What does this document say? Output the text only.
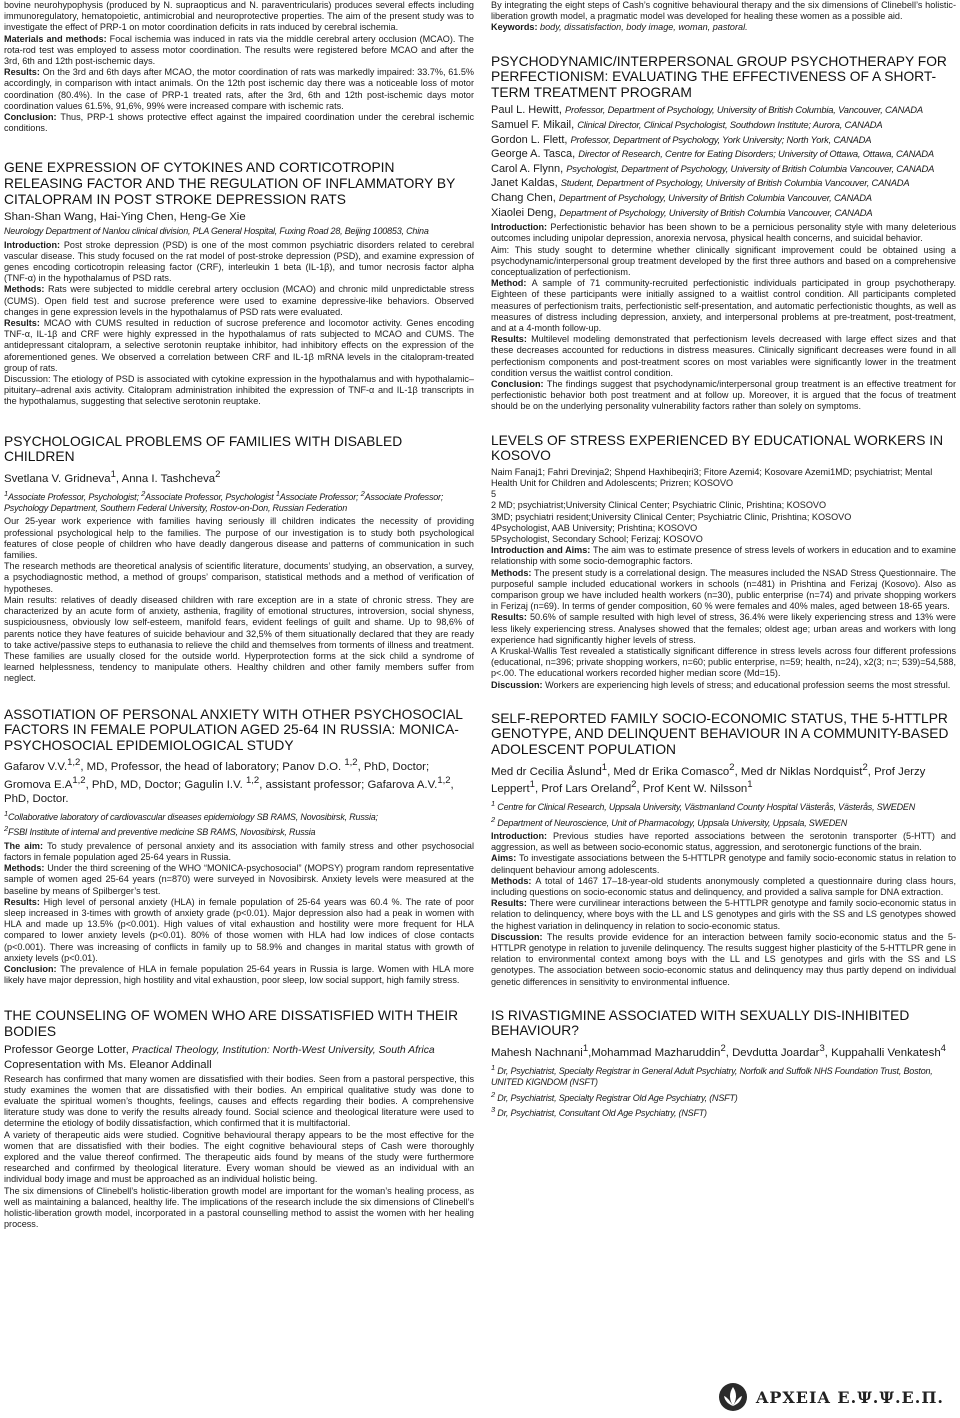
bovine neurohypophysis (produced by N. supraopticus and N. paraventricularis) produces several effects including immunoregulatory, hematopoietic, antimicrobial and neuroprotective properties. The aim of the present study was to investigate the effect of PRP-1 on motor coordination deficits in rats induced by cerebral ischemia.

Materials and methods: Focal ischemia was induced in rats via the middle cerebral artery occlusion (MCAO). The rota-rod test was employed to assess motor coordination. The results were registered before MCAO and after the 3rd, 6th and 12th post-ischemic days.

Results: On the 3rd and 6th days after MCAO, the motor coordination of rats was markedly impaired: 33.7%, 61.5% accordingly, in comparison with intact animals. On the 12th post ischemic day there was a noticeable loss of motor coordination (80.4%). In the case of PRP-1 treated rats, after the 3rd, 6th and 12th post-ischemic days motor coordination values 61.5%, 91,6%, 99% were increased compare with ischemic rats.

Conclusion: Thus, PRP-1 shows protective effect against the impaired coordination under the cerebral ischemic conditions.

GENE EXPRESSION OF CYTOKINES AND CORTICOTROPIN RELEASING FACTOR AND THE REGULATION OF INFLAMMATORY BY CITALOPRAM IN POST STROKE DEPRESSION RATS

Shan-Shan Wang, Hai-Ying Chen, Heng-Ge Xie

Neurology Department of Nanlou clinical division, PLA General Hospital, Fuxing Road 28, Beijing 100853, China

Introduction: Post stroke depression (PSD) is one of the most common psychiatric disorders related to cerebral vascular disease. This study focused on the rat model of post-stroke depression (PSD), and examine expression of genes encoding corticotropin releasing factor (CRF), interleukin 1 beta (IL-1β), and tumor necrosis factor alpha (TNF-α) in the hypothalamus of PSD rats.

Methods: Rats were subjected to middle cerebral artery occlusion (MCAO) and chronic mild unpredictable stress (CUMS). Open field test and sucrose preference were used to examine depressive-like behaviors. Observed changes in gene expression levels in the hypothalamus of PSD rats were evaluated.

Results: MCAO with CUMS resulted in reduction of sucrose preference and locomotor activity. Genes encoding TNF-α, IL-1β and CRF were highly expressed in the hypothalamus of rats subjected to MCAO and CUMS. The antidepressant citalopram, a selective serotonin reuptake inhibitor, had inhibitory effects on the expression of the aforementioned genes. We observed a correlation between CRF and IL-1β mRNA levels in the citalopram-treated group of rats.

Discussion: The etiology of PSD is associated with cytokine expression in the hypothalamus and with hypothalamic–pituitary–adrenal axis activity. Citalopram administration inhibited the expression of TNF-α and IL-1β transcripts in the hypothalamus, suggesting that selective serotonin reuptake.

PSYCHOLOGICAL PROBLEMS OF FAMILIES WITH DISABLED CHILDREN

Svetlana V. Gridneva$^1$, Anna I. Tashcheva$^2$

$^1$Associate Professor, Psychologist; $^2$Associate Professor, Psychologist $^1$Associate Professor; $^2$Associate Professor; Psychology Department, Southern Federal University, Rostov-on-Don, Russian Federation

Our 25-year work experience with families having seriously ill children indicates the necessity of providing professional psychological help to the families. The purpose of our investigation is to study both psychological features of close people of children who have deadly dangerous disease and patterns of communication in such families.

The research methods are theoretical analysis of scientific literature, documents’ studying, an observation, a survey, a psychodiagnostic method, a method of groups’ comparison, statistical methods and a method of verification of hypotheses.

Main results: relatives of deadly diseased children with rare exception are in a state of chronic stress. They are characterized by an acute form of anxiety, asthenia, fragility of emotional structures, introversion, social shyness, suspiciousness, obviously low self-esteem, manifold fears, evident feelings of guilt and shame. Up to 98,6% of parents notice they have features of suicide behaviour and 32,5% of them situationally declared that they are ready to take active/passive steps to euthanasia to relieve the child and themselves from torments of illness and treatment. These families are usually closed for the outside world. Hyperprotection forms at the sick child a syndrome of learned helplessness, tendency to manipulate others. Healthy children and other family members suffer from neglect.

ASSOTIATION OF PERSONAL ANXIETY WITH OTHER PSYCHOSOCIAL FACTORS IN FEMALE POPULATION AGED 25-64 IN RUSSIA: MONICA-PSYCHOSOCIAL EPIDEMIOLOGICAL STUDY

Gafarov V.V.$^{1,2}$, MD, Professor, the head of laboratory; Panov D.O. $^{1,2}$, PhD, Doctor; Gromova $E.A^{1,2}$, PhD, MD, Doctor; Gagulin I.V. $^{1,2}$, assistant professor; Gafarova A.V.$^{1,2}$, PhD, Doctor.

$^1$Collaborative laboratory of cardiovascular diseases epidemiology SB RAMS, Novosibirsk, Russia;
$^2$FSBI Institute of internal and preventive medicine SB RAMS, Novosibirsk, Russia

The aim: To study prevalence of personal anxiety and its association with family stress and other psychosocial factors in female population aged 25-64 years in Russia.

Methods: Under the third screening of the WHO “MONICA-psychosocial” (MOPSY) program random representative sample of women aged 25-64 years (n=870) were surveyed in Novosibirsk. Anxiety levels were measured at the baseline by means of Spilberger’s test.

Results: High level of personal anxiety (HLA) in female population of 25-64 years was 60.4 %. The rate of poor sleep increased in 3-times with growth of anxiety grade (p<0.01). Major depression also had a peak in women with HLA and made up 13.5% (p<0.001). High values of vital exhaustion and hostility were more frequent for HLA compared to lower anxiety levels (p<0.01). 80% of those women with HLA had low indices of close contacts (p<0.001). There was increasing of conflicts in family up to 58.9% and changes in marital status with growth of anxiety levels (p<0.01).

Conclusion: The prevalence of HLA in female population 25-64 years in Russia is large. Women with HLA more likely have major depression, high hostility and vital exhaustion, poor sleep, low social support, high family stress.

THE COUNSELING OF WOMEN WHO ARE DISSATISFIED WITH THEIR BODIES

Professor George Lotter, Practical Theology, Institution: North-West University, South Africa
Copresentation with Ms. Eleanor Addinall

Research has confirmed that many women are dissatisfied with their bodies. Seen from a pastoral perspective, this study examines the women that are dissatisfied with their bodies. An empirical qualitative study was done to evaluate the spiritual women’s thoughts, feelings, causes and effects regarding their bodies. A comprehensive literature study was done to verify the results already found. Social science and theological literature were used to determine the etiology of bodily dissatisfaction, which confirmed that it is multifactorial.

A variety of therapeutic aids were studied. Cognitive behavioural therapy appears to be the most effective for the women that are dissatisfied with their bodies. The eight cognitive behavioural steps of Cash were thoroughly explored and the value thereof confirmed. The therapeutic aids found by means of the study were furthermore researched and confirmed by theological literature. Every woman should be viewed as an individual with an individual body image and must be approached as an individual holistic being.

The six dimensions of Clinebell’s holistic-liberation growth model are important for the woman’s healing process, as well as maintaining a balanced, healthy life. The implications of the research include the six dimensions of Clinebell’s holistic-liberation growth model, incorporated in a pastoral counselling method to assist the women with her healing process.

By integrating the eight steps of Cash’s cognitive behavioural therapy and the six dimensions of Clinebell’s holistic-liberation growth model, a pragmatic model was developed for healing these women as a possible aid.

Keywords: body, dissatisfaction, body image, woman, pastoral.

PSYCHODYNAMIC/INTERPERSONAL GROUP PSYCHOTHERAPY FOR PERFECTIONISM: EVALUATING THE EFFECTIVENESS OF A SHORT-TERM TREATMENT PROGRAM

Paul L. Hewitt, Professor, Department of Psychology, University of British Columbia, Vancouver, CANADA

Samuel F. Mikail, Clinical Director, Clinical Psychologist, Southdown Institute; Aurora, CANADA

Gordon L. Flett, Professor, Department of Psychology, York University; North York, CANADA

George A. Tasca, Director of Research, Centre for Eating Disorders; University of Ottawa, Ottawa, CANADA

Carol A. Flynn, Psychologist, Department of Psychology, University of British Columbia Vancouver, CANADA

Janet Kaldas, Student, Department of Psychology, University of British Columbia Vancouver, CANADA

Chang Chen, Department of Psychology, University of British Columbia Vancouver, CANADA

Xiaolei Deng, Department of Psychology, University of British Columbia Vancouver, CANADA

Introduction: Perfectionistic behavior has been shown to be a pernicious personality style with many deleterious outcomes including unipolar depression, anorexia nervosa, physical health concerns, and suicidal behavior.

Aim: This study sought to determine whether clinically significant improvement could be obtained using a psychodynamic/interpersonal group treatment developed by the first three authors and based on a comprehensive conceptualization of perfectionism.

Method: A sample of 71 community-recruited perfectionistic individuals participated in group psychotherapy. Eighteen of these participants were initially assigned to a waitlist control condition. All participants completed measures of perfectionism traits, perfectionistic self-presentation, and automatic perfectionistic thoughts, as well as measures of distress including depression, anxiety, and interpersonal problems at pre-treatment, post-treatment, and at a 4-month follow-up.

Results: Multilevel modeling demonstrated that perfectionism levels decreased with large effect sizes and that these decreases accounted for reductions in distress measures. Clinically significant decreases were found in all perfectionism components and post-treatment scores on most variables were significantly lower in the treatment condition versus the waitlist control condition.

Conclusion: The findings suggest that psychodynamic/interpersonal group treatment is an effective treatment for perfectionistic behavior both post treatment and at follow up. Moreover, it is argued that the focus of treatment should be on the underlying personality vulnerability factors rather than solely on symptoms.

LEVELS OF STRESS EXPERIENCED BY EDUCATIONAL WORKERS IN KOSOVO

Naim Fanaj1; Fahri Drevinja2; Shpend Haxhibeqiri3; Fitore Azemi4; Kosovare Azemi1MD; psychiatrist; Mental Health Unit for Children and Adolescents; Prizren; KOSOVO

5

2 MD; psychiatrist;University Clinical Center; Psychiatric Clinic, Prishtina; KOSOVO

3MD; psychiatri resident;University Clinical Center; Psychiatric Clinic, Prishtina; KOSOVO

4Psychologist, AAB University; Prishtina; KOSOVO

5Psychologist, Secondary School; Ferizaj; KOSOVO

Introduction and Aims: The aim was to estimate presence of stress levels of workers in education and to examine relationship with some socio-demographic factors.

Methods: The present study is a correlational design. The measures included the NSAD Stress Questionnaire. The purposeful sample included educational workers in schools (n=481) in Prishtina and Ferizaj (Kosovo). Also as comparison group we have included health workers (n=30), public enterprise (n=74) and private shopping workers in Ferizaj (n=69). In terms of gender composition, 60 % were females and 40% males, aged between 18-65 years.

Results: 50.6% of sample resulted with high level of stress, 36.4% were likely experiencing stress and 13% were less likely experiencing stress. Analyses showed that the females; oldest age; urban areas and workers with long experience had significantly higher levels of stress.

A Kruskal-Wallis Test revealed a statistically significant difference in stress levels across four different professions (educational, n=396; private shopping workers, n=60; public enterprise, n=59; health, n=24), x2(3; n=; 539)=54,588, p<.00. The educational workers recorded higher median score (Md=15).

Discussion: Workers are experiencing high levels of stress; and educational profession seems the most stressful.

SELF-REPORTED FAMILY SOCIO-ECONOMIC STATUS, THE 5-HTTLPR GENOTYPE, AND DELINQUENT BEHAVIOUR IN A COMMUNITY-BASED ADOLESCENT POPULATION

Med dr Cecilia Åslund$^1$, Med dr Erika Comasco$^2$, Med dr Niklas Nordquist$^2$, Prof Jerzy Leppert$^1$, Prof Lars Oreland$^2$, Prof Kent W. Nilsson$^1$

$^1$ Centre for Clinical Research, Uppsala University, Västmanland County Hospital Västerås, Västerås, SWEDEN
$^2$ Department of Neuroscience, Unit of Pharmacology, Uppsala University, Uppsala, SWEDEN

Introduction: Previous studies have reported associations between the serotonin transporter (5-HTT) and aggression, as well as between socio-economic status, aggression, and serotonergic functions of the brain.

Aims: To investigate associations between the 5-HTTLPR genotype and family socio-economic status in relation to delinquent behaviour among adolescents.

Methods: A total of 1467 17–18-year-old students anonymously completed a questionnaire during class hours, including questions on socio-economic status and delinquency, and provided a saliva sample for DNA extraction.

Results: There were curvilinear interactions between the 5-HTTLPR genotype and family socio-economic status in relation to delinquency, where boys with the LL and LS genotypes and girls with the SS and LS genotypes showed the highest variation in delinquency in relation to socio-economic status.

Discussion: The results provide evidence for an interaction between family socio-economic status and the 5-HTTLPR genotype in relation to juvenile delinquency. The results suggest higher plasticity of the 5-HTTLPR gene in relation to environmental context among boys with the LL and LS genotypes and girls with the SS and LS genotypes. The association between socio-economic status and delinquency may thus partly depend on individual genetic differences in sensitivity to environmental influence.

IS RIVASTIGMINE ASSOCIATED WITH SEXUALLY DIS-INHIBITED BEHAVIOUR?

Mahesh Nachnani$^1$,Mohammad Mazharuddin$^2$, Devdutta Joardar$^3$, Kuppahalli Venkatesh$^4$

$^1$ Dr, Psychiatrist, Specialty Registrar in General Adult Psychiatry, Norfolk and Suffolk NHS Foundation Trust, Boston, UNITED KIGNDOM (NSFT)
$^2$ Dr, Psychiatrist, Specialty Registrar Old Age Psychiatry, (NSFT)
$^3$ Dr, Psychiatrist, Consultant Old Age Psychiatry, (NSFT)

ΑΡΧΕΙΑ Ε.Ψ.Ψ.Ε.Π.
